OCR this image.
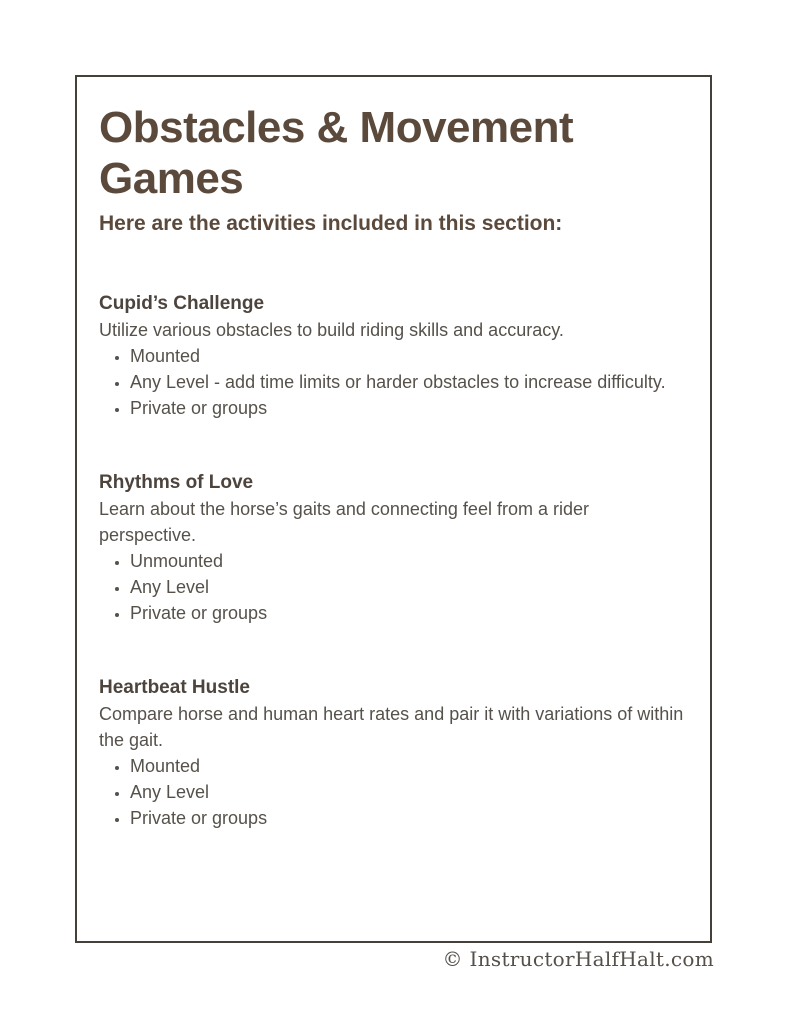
Obstacles & Movement Games
Here are the activities included in this section:
Cupid’s Challenge
Utilize various obstacles to build riding skills and accuracy.
• Mounted
• Any Level - add time limits or harder obstacles to increase difficulty.
• Private or groups
Rhythms of Love
Learn about the horse’s gaits and connecting feel from a rider perspective.
• Unmounted
• Any Level
• Private or groups
Heartbeat Hustle
Compare horse and human heart rates and pair it with variations of within the gait.
• Mounted
• Any Level
• Private or groups
© InstructorHalfHalt.com
